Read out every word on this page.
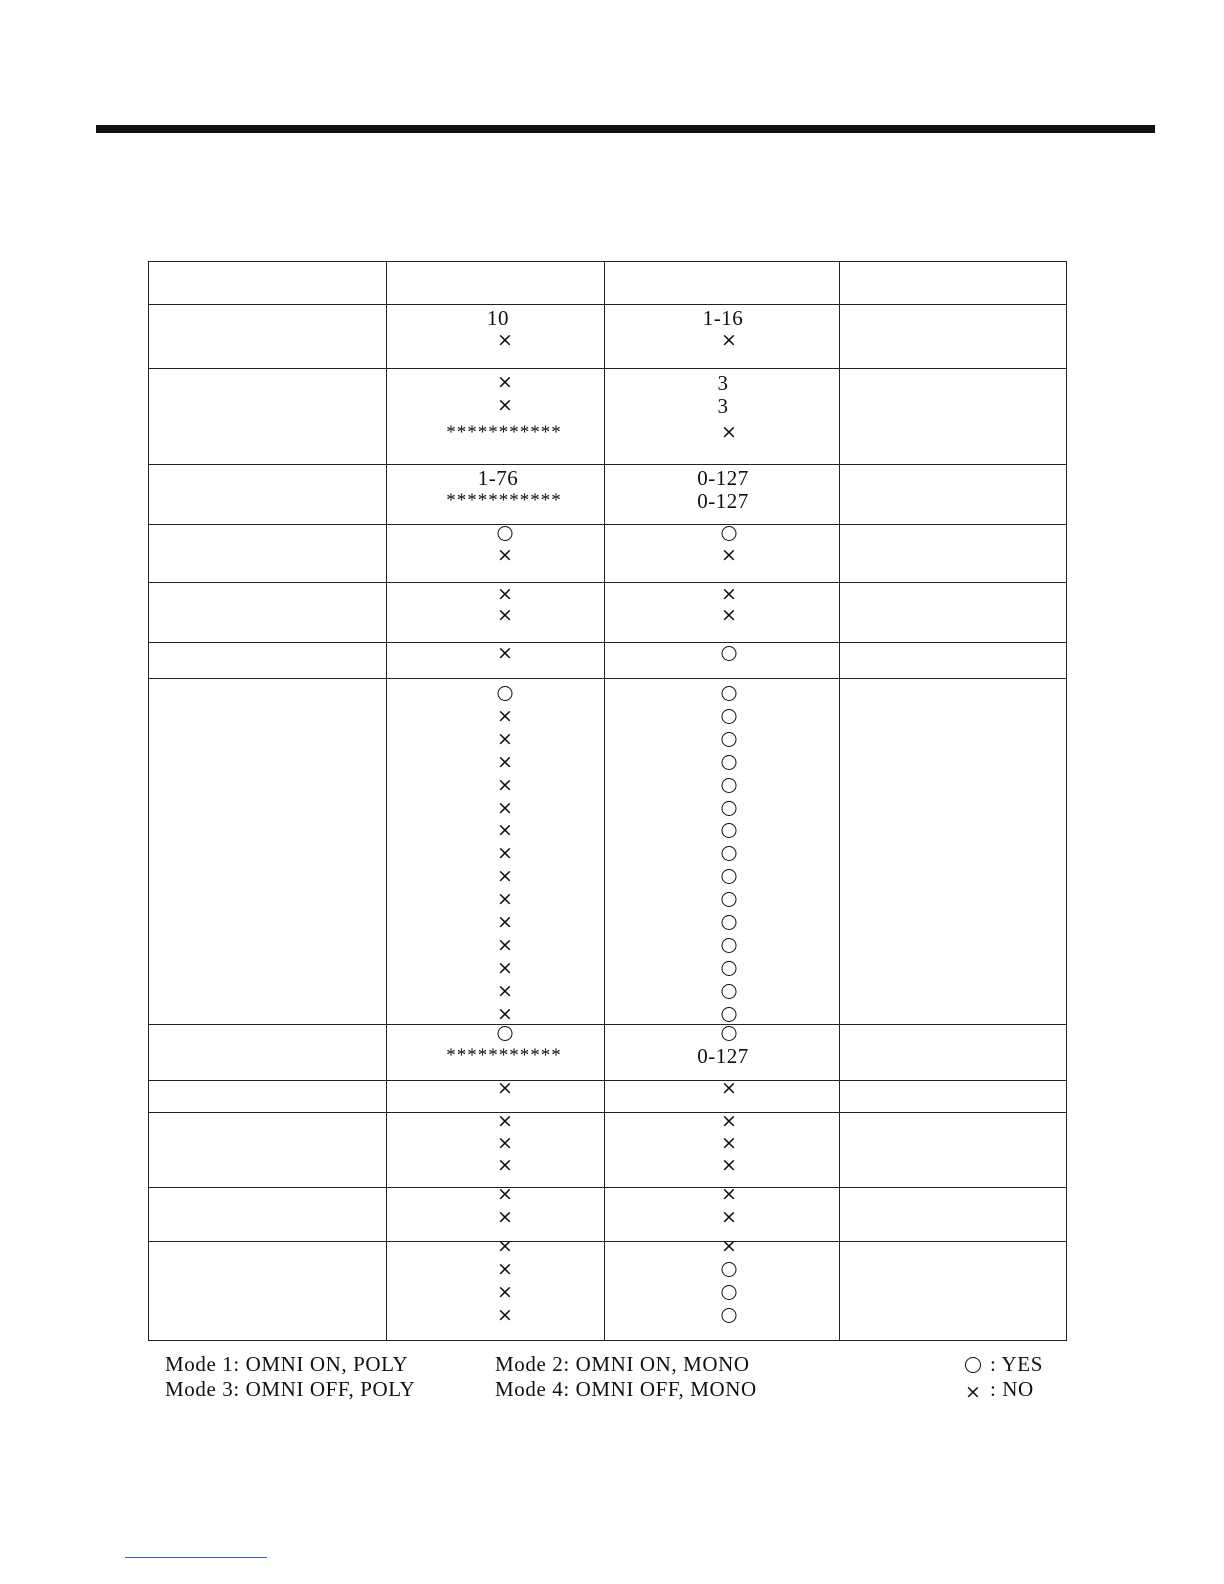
×
×
×
×
×
×
×
×
×
×
×
×
×
×
×
×
×
×
×
×
×
×
×
×
×
×
×
×
×
×
×
×
×
×
×
×
×
×
×
×
×
×
×
10
***********
1-76
***********
***********
1-16
3
3
0-127
0-127
0-127
Mode 1: OMNI ON, POLY
Mode 3: OMNI OFF, POLY
Mode 2: OMNI ON, MONO
Mode 4: OMNI OFF, MONO
: YES
× : NO
